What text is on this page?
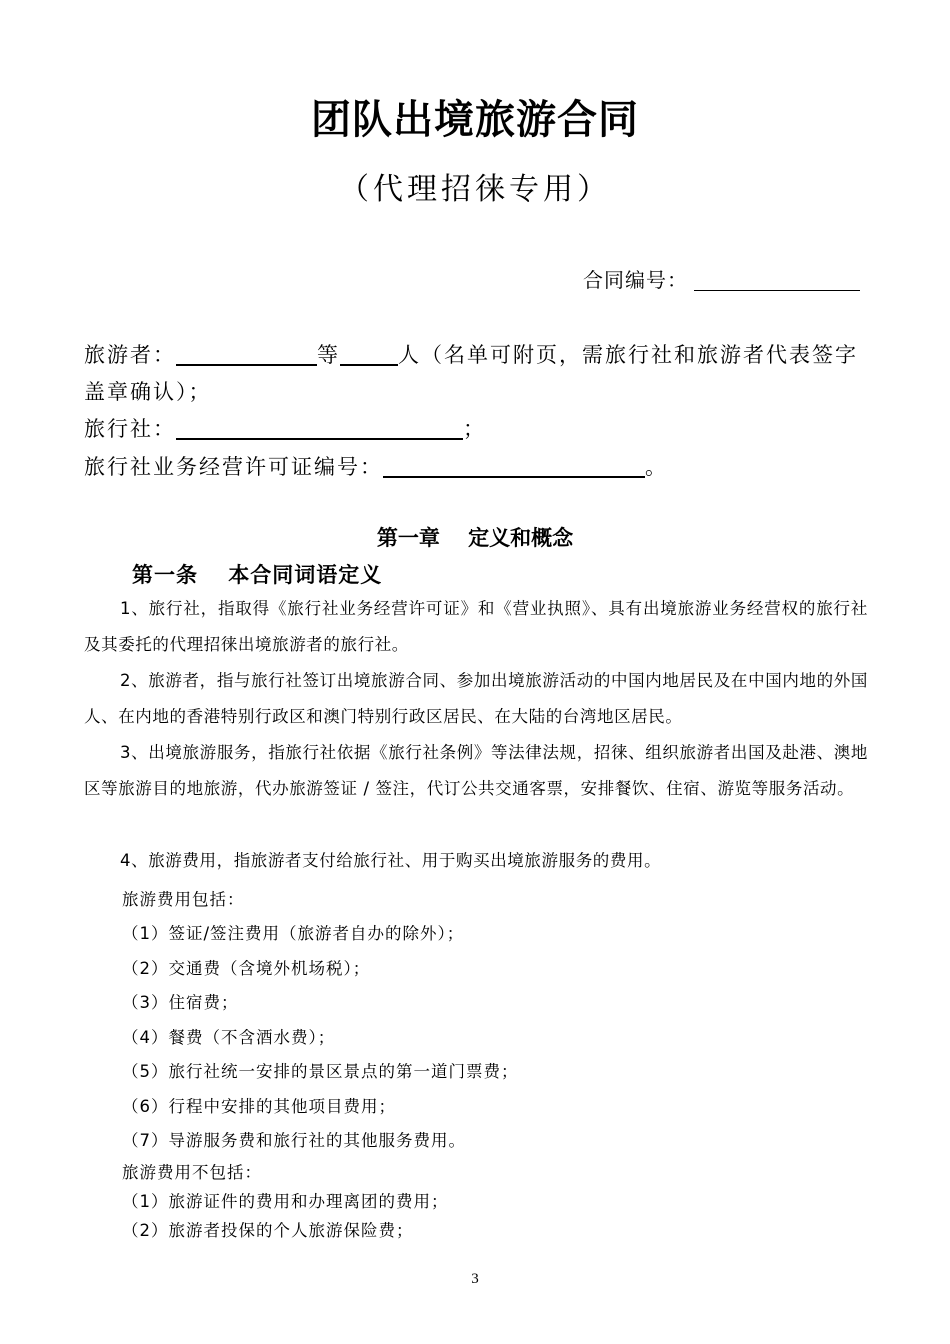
团队出境旅游合同
（代理招徕专用）
合同编号：
旅游者：	等	人（名单可附页，需旅行社和旅游者代表签字
盖章确认）；
旅行社：	；
旅行社业务经营许可证编号：	。
第一章　 定义和概念
第一条　 本合同词语定义
1、旅行社，指取得《旅行社业务经营许可证》和《营业执照》、具有出境旅游业务经营权的旅行社及其委托的代理招徕出境旅游者的旅行社。
2、旅游者，指与旅行社签订出境旅游合同、参加出境旅游活动的中国内地居民及在中国内地的外国人、在内地的香港特别行政区和澳门特别行政区居民、在大陆的台湾地区居民。
3、出境旅游服务，指旅行社依据《旅行社条例》等法律法规，招徕、组织旅游者出国及赴港、澳地区等旅游目的地旅游，代办旅游签证 / 签注，代订公共交通客票，安排餐饮、住宿、游览等服务活动。
4、旅游费用，指旅游者支付给旅行社、用于购买出境旅游服务的费用。
旅游费用包括：
（1）签证/签注费用（旅游者自办的除外）；
（2）交通费（含境外机场税）；
（3）住宿费；
（4）餐费（不含酒水费）；
（5）旅行社统一安排的景区景点的第一道门票费；
（6）行程中安排的其他项目费用；
（7）导游服务费和旅行社的其他服务费用。
旅游费用不包括：
（1）旅游证件的费用和办理离团的费用；
（2）旅游者投保的个人旅游保险费；
3
